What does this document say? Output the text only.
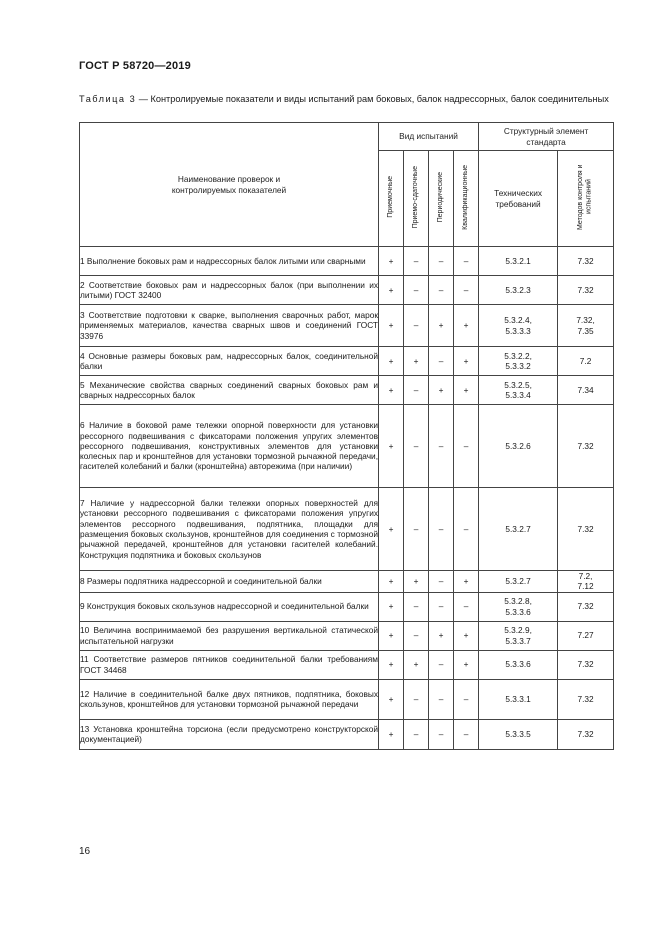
ГОСТ Р 58720—2019
Таблица 3 — Контролируемые показатели и виды испытаний рам боковых, балок надрессорных, балок соединительных
Наименование проверок и контролируемых показателей	Вид испытаний				Структурный элемент стандарта	

	Приемочные	Приемо-сдаточные	Периодические	Квалификационные	Технических требований	Методов контроля и испытаний
1 Выполнение боковых рам и надрессорных балок литыми или сварными	+	–	–	–	5.3.2.1	7.32
2 Соответствие боковых рам и надрессорных балок (при выполнении их литыми) ГОСТ 32400	+	–	–	–	5.3.2.3	7.32
3 Соответствие подготовки к сварке, выполнения сварочных работ, марок применяемых материалов, качества сварных швов и соединений ГОСТ 33976	+	–	+	+	5.3.2.4, 5.3.3.3	7.32, 7.35
4 Основные размеры боковых рам, надрессорных балок, соединительной балки	+	+	–	+	5.3.2.2, 5.3.3.2	7.2
5 Механические свойства сварных соединений сварных боковых рам и сварных надрессорных балок	+	–	+	+	5.3.2.5, 5.3.3.4	7.34
6 Наличие в боковой раме тележки опорной поверхности для установки рессорного подвешивания с фиксаторами положения упругих элементов рессорного подвешивания, конструктивных элементов для установки колесных пар и кронштейнов для установки тормозной рычажной передачи, гасителей колебаний и балки (кронштейна) авторежима (при наличии)	+	–	–	–	5.3.2.6	7.32
7 Наличие у надрессорной балки тележки опорных поверхностей для установки рессорного подвешивания с фиксаторами положения упругих элементов рессорного подвешивания, подпятника, площадки для размещения боковых скользунов, кронштейнов для соединения с тормозной рычажной передачей, кронштейнов для установки гасителей колебаний. Конструкция подпятника и боковых скользунов	+	–	–	–	5.3.2.7	7.32
8 Размеры подпятника надрессорной и соединительной балки	+	+	–	+	5.3.2.7	7.2, 7.12
9 Конструкция боковых скользунов надрессорной и соединительной балки	+	–	–	–	5.3.2.8, 5.3.3.6	7.32
10 Величина воспринимаемой без разрушения вертикальной статической испытательной нагрузки	+	–	+	+	5.3.2.9, 5.3.3.7	7.27
11 Соответствие размеров пятников соединительной балки требованиям ГОСТ 34468	+	+	–	+	5.3.3.6	7.32
12 Наличие в соединительной балке двух пятников, подпятника, боковых скользунов, кронштейнов для установки тормозной рычажной передачи	+	–	–	–	5.3.3.1	7.32
13 Установка кронштейна торсиона (если предусмотрено конструкторской документацией)	+	–	–	–	5.3.3.5	7.32
16
